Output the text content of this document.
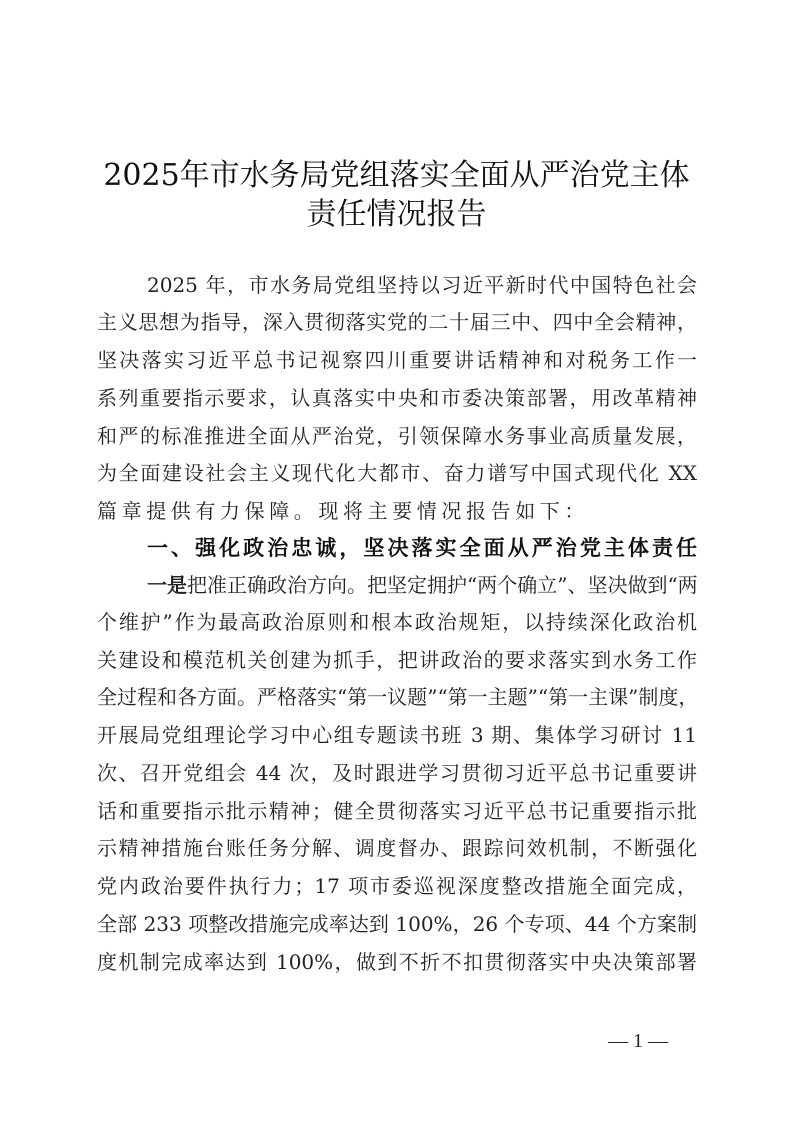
2025年市水务局党组落实全面从严治党主体
责任情况报告
2025 年，市水务局党组坚持以习近平新时代中国特色社会
主义思想为指导，深入贯彻落实党的二十届三中、四中全会精神，
坚决落实习近平总书记视察四川重要讲话精神和对税务工作一
系列重要指示要求，认真落实中央和市委决策部署，用改革精神
和严的标准推进全面从严治党，引领保障水务事业高质量发展，
为全面建设社会主义现代化大都市、奋力谱写中国式现代化 XX
篇章提供有力保障。现将主要情况报告如下：
一、强化政治忠诚，坚决落实全面从严治党主体责任
一是把准正确政治方向。把坚定拥护“两个确立”、坚决做到“两
个维护”作为最高政治原则和根本政治规矩，以持续深化政治机
关建设和模范机关创建为抓手，把讲政治的要求落实到水务工作
全过程和各方面。严格落实“第一议题”“第一主题”“第一主课”制度，
开展局党组理论学习中心组专题读书班 3 期、集体学习研讨 11
次、召开党组会 44 次，及时跟进学习贯彻习近平总书记重要讲
话和重要指示批示精神；健全贯彻落实习近平总书记重要指示批
示精神措施台账任务分解、调度督办、跟踪问效机制，不断强化
党内政治要件执行力；17 项市委巡视深度整改措施全面完成，
全部 233 项整改措施完成率达到 100%，26 个专项、44 个方案制
度机制完成率达到 100%，做到不折不扣贯彻落实中央决策部署
— 1 —
